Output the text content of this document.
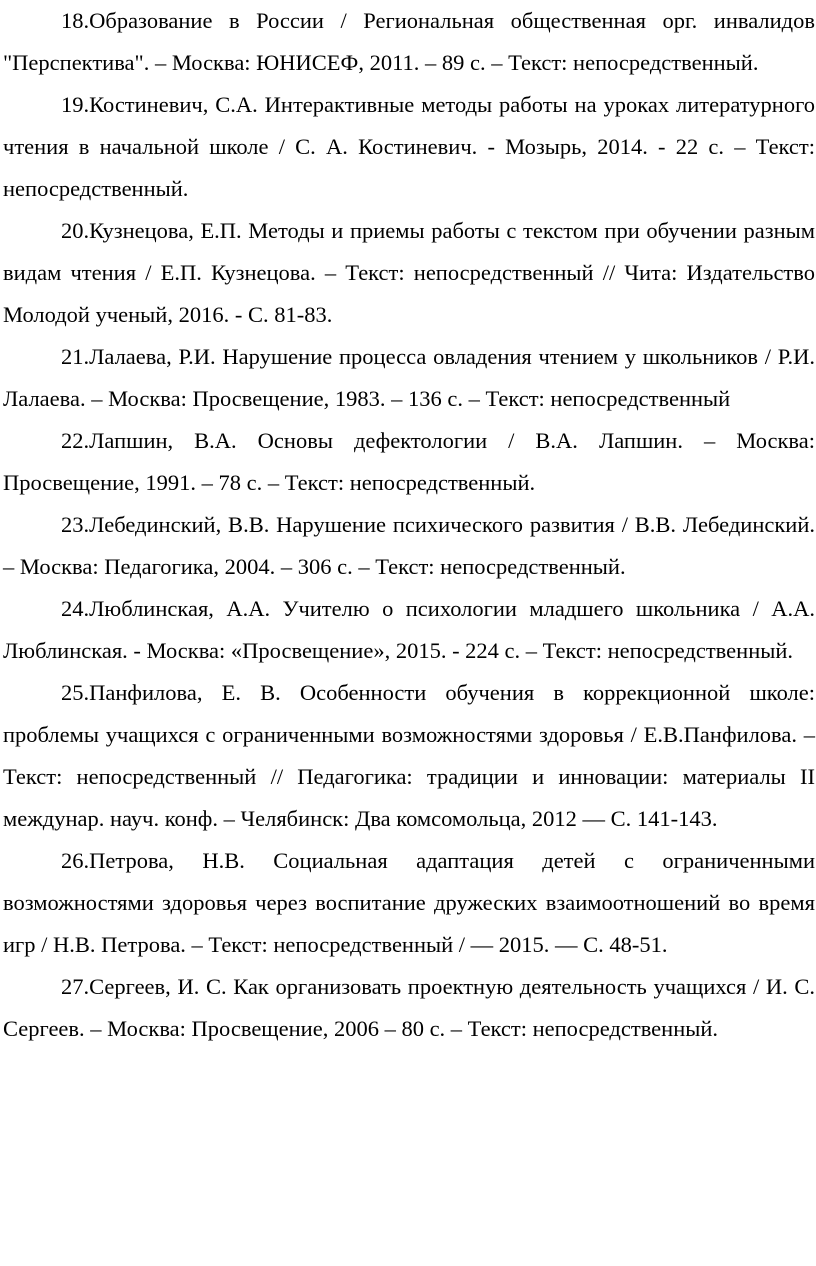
18.Образование в России / Региональная общественная орг. инвалидов "Перспектива". – Москва: ЮНИСЕФ, 2011. – 89 с. – Текст: непосредственный.

19.Костиневич, С.А. Интерактивные методы работы на уроках литературного чтения в начальной школе / С. А. Костиневич. - Мозырь, 2014. - 22 с. – Текст: непосредственный.

20.Кузнецова, Е.П. Методы и приемы работы с текстом при обучении разным видам чтения / Е.П. Кузнецова. – Текст: непосредственный // Чита: Издательство Молодой ученый, 2016. - С. 81-83.

21.Лалаева, Р.И. Нарушение процесса овладения чтением у школьников / Р.И. Лалаева. – Москва: Просвещение, 1983. – 136 с. – Текст: непосредственный

22.Лапшин, В.А. Основы дефектологии / В.А. Лапшин. – Москва: Просвещение, 1991. – 78 с. – Текст: непосредственный.

23.Лебединский, В.В. Нарушение психического развития / В.В. Лебединский. – Москва: Педагогика, 2004. – 306 с. – Текст: непосредственный.

24.Люблинская, А.А. Учителю о психологии младшего школьника / А.А. Люблинская. - Москва: «Просвещение», 2015. - 224 с. – Текст: непосредственный.

25.Панфилова, Е. В. Особенности обучения в коррекционной школе: проблемы учащихся с ограниченными возможностями здоровья / Е.В.Панфилова. – Текст: непосредственный // Педагогика: традиции и инновации: материалы II междунар. науч. конф. – Челябинск: Два комсомольца, 2012 — С. 141-143.

26.Петрова, Н.В. Социальная адаптация детей с ограниченными возможностями здоровья через воспитание дружеских взаимоотношений во время игр / Н.В. Петрова. – Текст: непосредственный / — 2015. — С. 48-51.

27.Сергеев, И. С. Как организовать проектную деятельность учащихся / И. С. Сергеев. – Москва: Просвещение, 2006 – 80 с. – Текст: непосредственный.
